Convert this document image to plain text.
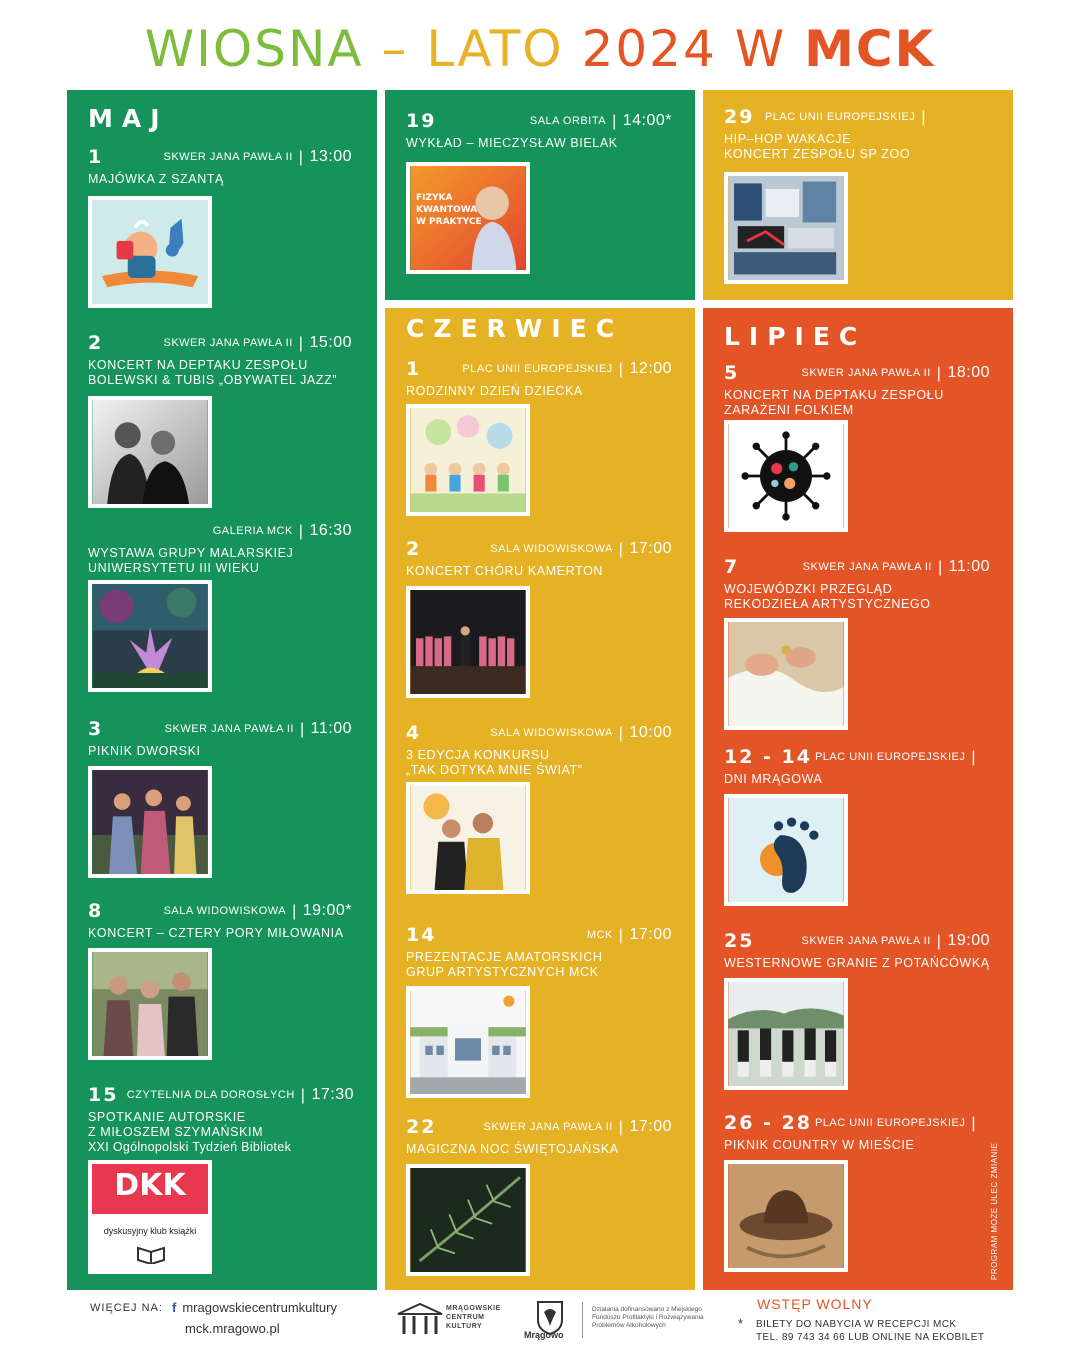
WIOSNA – LATO 2024 W MCK
MAJ
1	SKWER JANA PAWŁA II | 13:00
MAJÓWKA Z SZANTĄ
2	SKWER JANA PAWŁA II | 15:00
KONCERT NA DEPTAKU ZESPOŁU
BOLEWSKI & TUBIS „OBYWATEL JAZZ”
GALERIA MCK | 16:30
WYSTAWA GRUPY MALARSKIEJ
UNIWERSYTETU III WIEKU
3	SKWER JANA PAWŁA II | 11:00
PIKNIK DWORSKI
8	SALA WIDOWISKOWA | 19:00*
KONCERT – CZTERY PORY MIŁOWANIA
15 CZYTELNIA DLA DOROSŁYCH | 17:30
SPOTKANIE AUTORSKIE
Z MIŁOSZEM SZYMAŃSKIM
XXI Ogólnopolski Tydzień Bibliotek
DKK
dyskusyjny klub książki
19	SALA ORBITA | 14:00*
WYKŁAD – MIECZYSŁAW BIELAK
FIZYKA
KWANTOWA
W PRAKTYCE
29 PLAC UNII EUROPEJSKIEJ |
HIP–HOP WAKACJE
KONCERT ZESPOŁU SP ZOO
CZERWIEC
1	PLAC UNII EUROPEJSKIEJ | 12:00
RODZINNY DZIEŃ DZIECKA
2	SALA WIDOWISKOWA | 17:00
KONCERT CHÓRU KAMERTON
4	SALA WIDOWISKOWA | 10:00
3 EDYCJA KONKURSU
„TAK DOTYKA MNIE ŚWIAT”
14	MCK | 17:00
PREZENTACJE AMATORSKICH
GRUP ARTYSTYCZNYCH MCK
22	SKWER JANA PAWŁA II | 17:00
MAGICZNA NOC ŚWIĘTOJAŃSKA
LIPIEC
5	SKWER JANA PAWŁA II | 18:00
KONCERT NA DEPTAKU ZESPOŁU
ZARAŻENI FOLKIEM
7	SKWER JANA PAWŁA II | 11:00
WOJEWÓDZKI PRZEGLĄD
REKODZIEŁA ARTYSTYCZNEGO
12 - 14 PLAC UNII EUROPEJSKIEJ |
DNI MRĄGOWA
25	SKWER JANA PAWŁA II | 19:00
WESTERNOWE GRANIE Z POTAŃCÓWKĄ
26 - 28 PLAC UNII EUROPEJSKIEJ |
PIKNIK COUNTRY W MIEŚCIE	PROGRAM MOŻE ULEC ZMIANIE
WIĘCEJ NA: f mragowskiecentrumkultury
mck.mragowo.pl
MRĄGOWSKIE CENTRUM KULTURY
Mrągowo
Działania dofinansowano z Miejskiego Funduszu Profilaktyki i Rozwiązywania Problemów Alkoholowych
WSTĘP WOLNY
* BILETY DO NABYCIA W RECEPCJI MCK
TEL. 89 743 34 66 LUB ONLINE NA EKOBILET
